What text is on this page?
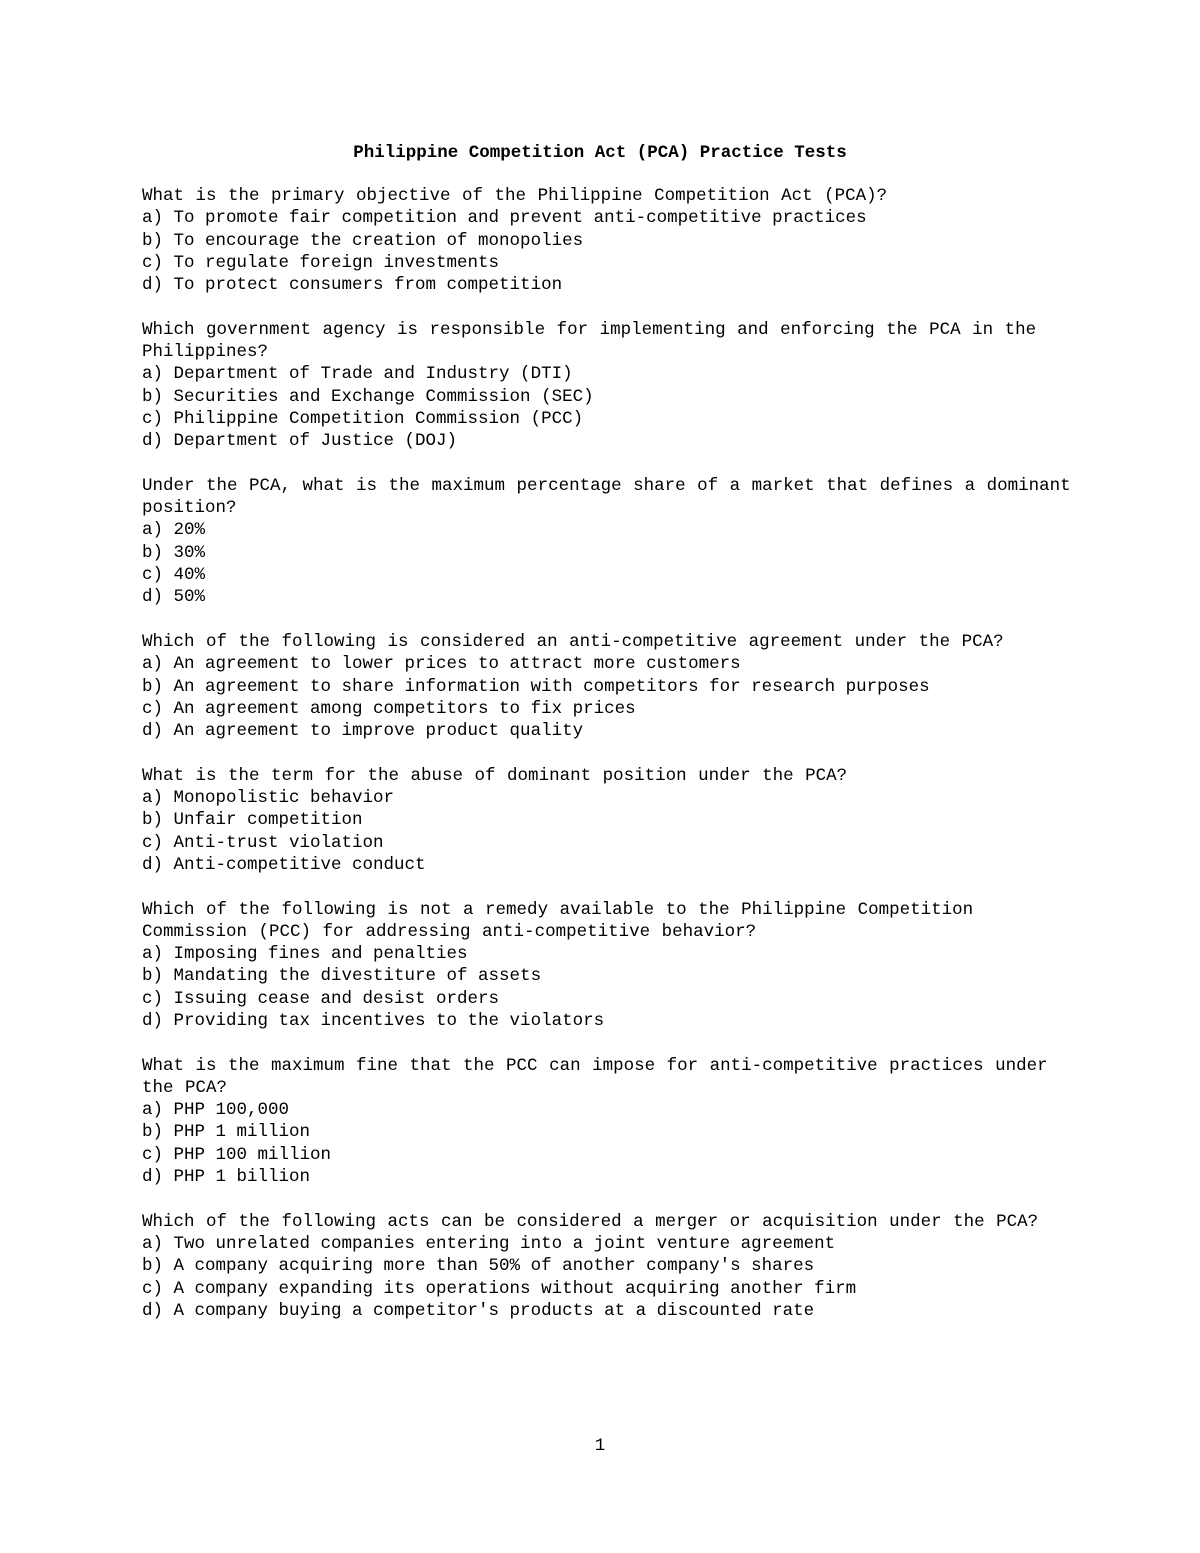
Philippine Competition Act (PCA) Practice Tests
What is the primary objective of the Philippine Competition Act (PCA)?
a) To promote fair competition and prevent anti-competitive practices
b) To encourage the creation of monopolies
c) To regulate foreign investments
d) To protect consumers from competition
Which government agency is responsible for implementing and enforcing the PCA in the Philippines?
a) Department of Trade and Industry (DTI)
b) Securities and Exchange Commission (SEC)
c) Philippine Competition Commission (PCC)
d) Department of Justice (DOJ)
Under the PCA, what is the maximum percentage share of a market that defines a dominant position?
a) 20%
b) 30%
c) 40%
d) 50%
Which of the following is considered an anti-competitive agreement under the PCA?
a) An agreement to lower prices to attract more customers
b) An agreement to share information with competitors for research purposes
c) An agreement among competitors to fix prices
d) An agreement to improve product quality
What is the term for the abuse of dominant position under the PCA?
a) Monopolistic behavior
b) Unfair competition
c) Anti-trust violation
d) Anti-competitive conduct
Which of the following is not a remedy available to the Philippine Competition Commission (PCC) for addressing anti-competitive behavior?
a) Imposing fines and penalties
b) Mandating the divestiture of assets
c) Issuing cease and desist orders
d) Providing tax incentives to the violators
What is the maximum fine that the PCC can impose for anti-competitive practices under the PCA?
a) PHP 100,000
b) PHP 1 million
c) PHP 100 million
d) PHP 1 billion
Which of the following acts can be considered a merger or acquisition under the PCA?
a) Two unrelated companies entering into a joint venture agreement
b) A company acquiring more than 50% of another company's shares
c) A company expanding its operations without acquiring another firm
d) A company buying a competitor's products at a discounted rate
1
